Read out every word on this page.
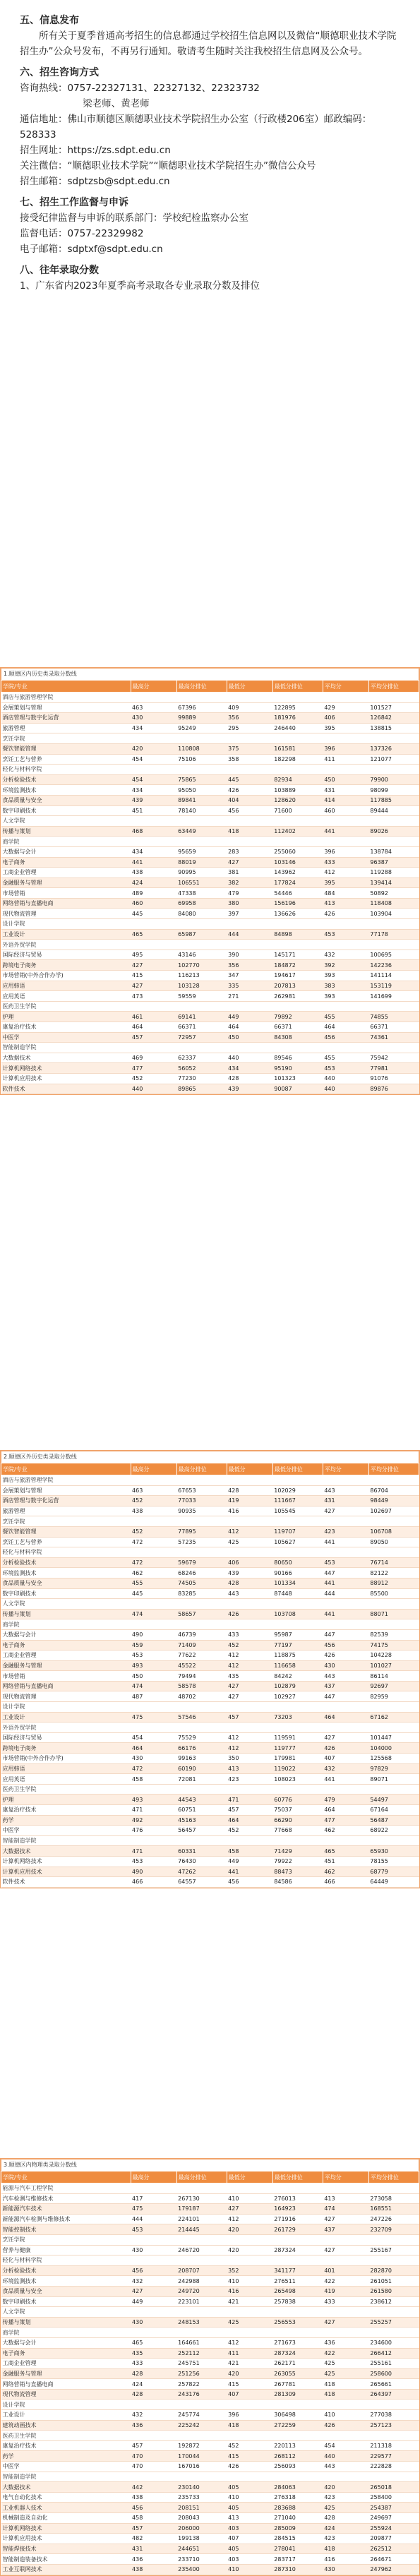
五、信息发布
所有关于夏季普通高考招生的信息都通过学校招生信息网以及微信“顺德职业技术学院招生办”公众号发布，不再另行通知。敬请考生随时关注我校招生信息网及公众号。
六、招生咨询方式
咨询热线：0757-22327131、22327132、22323732
梁老师、黄老师
通信地址：佛山市顺德区顺德职业技术学院招生办公室（行政楼206室）邮政编码：528333
招生网址：https://zs.sdpt.edu.cn
关注微信：“顺德职业技术学院”“顺德职业技术学院招生办”微信公众号
招生邮箱：sdptzsb@sdpt.edu.cn
七、招生工作监督与申诉
接受纪律监督与申诉的联系部门：学校纪检监察办公室
监督电话：0757-22329982
电子邮箱：sdptxf@sdpt.edu.cn
八、往年录取分数
1、广东省内2023年夏季高考录取各专业录取分数及排位
1.顺德区内历史类录取分数线
学院/专业	最高分	最高分排位	最低分	最低分排位	平均分	平均分排位
酒店与旅游管理学院						
会展策划与管理	463	67396	409	122895	429	101527
酒店管理与数字化运营	430	99889	356	181976	406	126842
旅游管理	434	95249	295	246440	395	138815
烹饪学院						
餐饮智能管理	420	110808	375	161581	396	137326
烹饪工艺与营养	454	75106	358	182298	411	121077
轻化与材料学院						
分析检验技术	454	75865	445	82934	450	79900
环境监测技术	434	95050	426	103889	431	98099
食品质量与安全	439	89841	404	128620	414	117885
数字印刷技术	451	78140	456	71600	460	89444
人文学院						
传播与策划	468	63449	418	112402	441	89026
商学院						
大数据与会计	434	95659	283	255060	396	138784
电子商务	441	88019	427	103146	433	96387
工商企业管理	438	90995	381	143962	412	119288
金融服务与管理	424	106551	382	177824	395	139414
市场营销	489	47338	479	54446	484	50892
网络营销与直播电商	460	69958	380	156196	413	118408
现代物流管理	445	84080	397	136626	426	103904
设计学院						
工业设计	465	65987	444	84898	453	77178
外语外贸学院						
国际经济与贸易	495	43146	390	145171	432	100695
跨境电子商务	427	102770	356	184872	392	142236
市场营销(中外合作办学)	415	116213	347	194617	393	141114
应用韩语	427	103128	335	207813	383	153119
应用英语	473	59559	271	262981	393	141699
医药卫生学院						
护理	461	69141	449	79892	455	74855
康复治疗技术	464	66371	464	66371	464	66371
中医学	457	72957	450	84308	456	74361
智能制造学院						
大数据技术	469	62337	440	89546	455	75942
计算机网络技术	477	56052	434	95190	453	77981
计算机应用技术	452	77230	428	101323	440	91076
软件技术	440	89865	439	90087	440	89876
2.顺德区外历史类录取分数线
学院/专业	最高分	最高分排位	最低分	最低分排位	平均分	平均分排位
酒店与旅游管理学院						
会展策划与管理	463	67653	428	102029	443	86704
酒店管理与数字化运营	452	77033	419	111667	431	98449
旅游管理	438	90935	416	105545	427	102697
烹饪学院						
餐饮智能管理	452	77895	412	119707	423	106708
烹饪工艺与营养	472	57235	425	105627	441	89050
轻化与材料学院						
分析检验技术	472	59679	406	80650	453	76714
环境监测技术	462	68246	439	90166	447	82122
食品质量与安全	455	74505	428	101334	441	88912
数字印刷技术	445	83285	443	87448	444	85500
人文学院						
传播与策划	474	58657	426	103708	441	88071
商学院						
大数据与会计	490	46739	433	95987	447	82539
电子商务	459	71409	452	77197	456	74175
工商企业管理	453	77622	412	118875	426	104228
金融服务与管理	493	45522	412	116658	430	101027
市场营销	450	79494	435	84242	443	86114
网络营销与直播电商	474	58578	427	102879	437	92697
现代物流管理	487	48702	427	102927	447	82959
设计学院						
工业设计	475	57546	457	73203	464	67162
外语外贸学院						
国际经济与贸易	454	75529	412	119591	427	101447
跨境电子商务	464	66176	412	119777	426	104000
市场营销(中外合作办学)	430	99163	350	179981	407	125568
应用韩语	472	60190	413	119022	432	97829
应用英语	458	72081	423	108023	441	89071
医药卫生学院						
护理	493	44543	471	60776	479	54497
康复治疗技术	471	60751	457	75037	464	67164
药学	492	45163	464	66290	477	56487
中医学	476	56457	452	77668	462	68922
智能制造学院						
大数据技术	471	60331	458	71429	465	65930
计算机网络技术	453	76430	449	79922	451	78155
计算机应用技术	490	47262	441	88473	462	68779
软件技术	466	64557	456	84586	466	64449
3.顺德区内物理类录取分数线
学院/专业	最高分	最高分排位	最低分	最低分排位	平均分	平均分排位
能源与汽车工程学院						
汽车检测与维修技术	417	267130	410	276013	413	273058
新能源汽车技术	475	179187	427	164923	474	168551
新能源汽车检测与维修技术	444	224101	412	271916	427	247226
智能控制技术	453	214445	420	261729	437	232709
烹饪学院						
营养与健康	430	246720	420	287324	427	255167
轻化与材料学院						
分析检验技术	456	208707	352	341177	401	282870
环境监测技术	432	242988	410	276511	422	261051
食品质量与安全	427	249720	416	265498	419	261580
数字印刷技术	449	223101	421	257838	433	238612
人文学院						
传播与策划	430	248153	425	256553	427	255257
商学院						
大数据与会计	465	164661	412	271673	436	234600
电子商务	435	252112	411	287324	422	266412
工商企业管理	433	245751	421	262171	425	255161
金融服务与管理	428	251256	420	263055	425	258600
网络营销与直播电商	424	257822	415	267781	418	265661
现代物流管理	428	243176	407	281309	418	264397
设计学院						
工业设计	432	245774	396	306498	410	277038
建筑动画技术	436	225242	418	272259	426	257123
医药卫生学院						
康复治疗技术	457	192872	452	220113	454	211318
药学	470	170044	415	268112	440	229577
中医学	470	167016	426	256093	443	222828
智能制造学院						
大数据技术	442	230140	405	284063	420	265018
电气自动化技术	438	235733	410	276318	423	258400
工业机器人技术	456	208151	405	283688	425	254387
机械制造及自动化	458	208043	413	271040	428	249697
计算机网络技术	457	206000	403	285009	424	255924
计算机应用技术	482	199138	407	284515	423	209877
智能焊接技术	431	244651	405	278041	418	262512
智能制造装备技术	436	233710	403	283717	416	264671
工业互联网技术	438	235400	410	287310	430	247962
